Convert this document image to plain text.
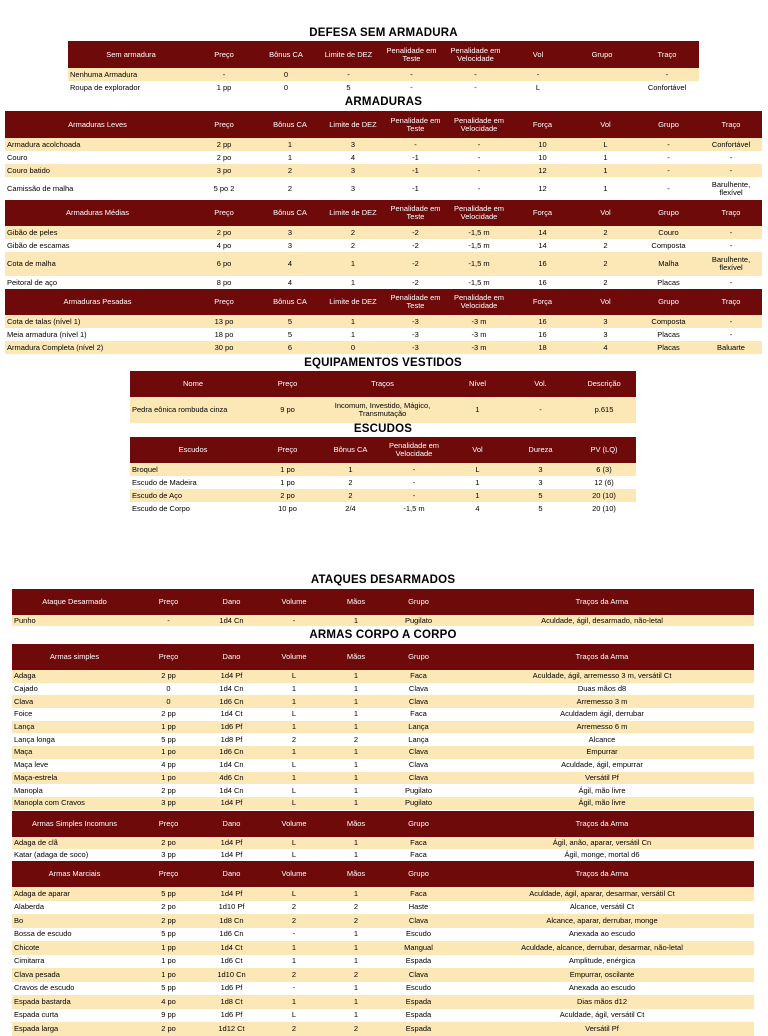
DEFESA SEM ARMADURA
Sem armadura	Preço	Bônus CA	Limite de DEZ	Penalidade em Teste	Penalidade em Velocidade	Vol	Grupo	Traço
Nenhuma Armadura	-	0	-	-	-	-		-
Roupa de explorador	1 pp	0	5	-	-	L		Confortável
ARMADURAS
Armaduras Leves	Preço	Bônus CA	Limite de DEZ	Penalidade em Teste	Penalidade em Velocidade	Força	Vol	Grupo	Traço
Armadura acolchoada	2 pp	1	3	-	-	10	L	-	Confortável
Couro	2 po	1	4	-1	-	10	1	-	-
Couro batido	3 po	2	3	-1	-	12	1	-	-
Camissão de malha	5 po 2	2	3	-1	-	12	1	-	Barulhente, flexível
Armaduras Médias	Preço	Bônus CA	Limite de DEZ	Penalidade em Teste	Penalidade em Velocidade	Força	Vol	Grupo	Traço
Gibão de peles	2 po	3	2	-2	-1,5 m	14	2	Couro	-
Gibão de escamas	4 po	3	2	-2	-1,5 m	14	2	Composta	-
Cota de malha	6 po	4	1	-2	-1,5 m	16	2	Malha	Barulhente, flexível
Peitoral de aço	8 po	4	1	-2	-1,5 m	16	2	Placas	-
Armaduras Pesadas	Preço	Bônus CA	Limite de DEZ	Penalidade em Teste	Penalidade em Velocidade	Força	Vol	Grupo	Traço
Cota de talas (nível 1)	13 po	5	1	-3	-3 m	16	3	Composta	-
Meia armadura (nível 1)	18 po	5	1	-3	-3 m	16	3	Placas	-
Armadura Completa (nível 2)	30 po	6	0	-3	-3 m	18	4	Placas	Baluarte
EQUIPAMENTOS VESTIDOS
Nome	Preço	Traços	Nível	Vol.	Descrição
Pedra eônica rombuda cinza	9 po	Incomum, Investido, Mágico, Transmutação	1	-	p.615
ESCUDOS
Escudos	Preço	Bônus CA	Penalidade em Velocidade	Vol	Dureza	PV (LQ)
Broquel	1 po	1	-	L	3	6 (3)
Escudo de Madeira	1 po	2	-	1	3	12 (6)
Escudo de Aço	2 po	2	-	1	5	20 (10)
Escudo de Corpo	10 po	2/4	-1,5 m	4	5	20 (10)
ATAQUES DESARMADOS
Ataque Desarmado	Preço	Dano	Volume	Mãos	Grupo	Traços da Arma
Punho	-	1d4 Cn	-	1	Pugilato	Aculdade, ágil, desarmado, não-letal
ARMAS CORPO A CORPO
Armas simples	Preço	Dano	Volume	Mãos	Grupo	Traços da Arma
Adaga	2 pp	1d4 Pf	L	1	Faca	Aculdade, ágil, arremesso 3 m, versátil Ct
Cajado	0	1d4 Cn	1	1	Clava	Duas mãos d8
Clava	0	1d6 Cn	1	1	Clava	Arremesso 3 m
Foice	2 pp	1d4 Ct	L	1	Faca	Aculdadem ágil, derrubar
Lança	1 pp	1d6 Pf	1	1	Lança	Arremesso 6 m
Lança longa	5 pp	1d8 Pf	2	2	Lança	Alcance
Maça	1 po	1d6 Cn	1	1	Clava	Empurrar
Maça leve	4 pp	1d4 Cn	L	1	Clava	Aculdade, ágil, empurrar
Maça-estrela	1 po	4d6 Cn	1	1	Clava	Versátil Pf
Manopla	2 pp	1d4 Cn	L	1	Pugilato	Ágil, mão livre
Manopla com Cravos	3 pp	1d4 Pf	L	1	Pugilato	Ágil, mão livre
Armas Simples Incomuns	Preço	Dano	Volume	Mãos	Grupo	Traços da Arma
Adaga de clã	2 po	1d4 Pf	L	1	Faca	Ágil, anão, aparar, versátil Cn
Katar (adaga de soco)	3 pp	1d4 Pf	L	1	Faca	Ágil, monge, mortal d6
Armas Marciais	Preço	Dano	Volume	Mãos	Grupo	Traços da Arma
Adaga de aparar	5 pp	1d4 Pf	L	1	Faca	Aculdade, ágil, aparar, desarmar, versátil Ct
Alaberda	2 po	1d10 Pf	2	2	Haste	Alcance, versátil Ct
Bo	2 pp	1d8 Cn	2	2	Clava	Alcance, aparar, derrubar, monge
Bossa de escudo	5 pp	1d6 Cn	-	1	Escudo	Anexada ao escudo
Chicote	1 pp	1d4 Ct	1	1	Mangual	Aculdade, alcance, derrubar, desarmar, não-letal
Cimitarra	1 po	1d6 Ct	1	1	Espada	Amplitude, enérgica
Clava pesada	1 po	1d10 Cn	2	2	Clava	Empurrar, oscilante
Cravos de escudo	5 pp	1d6 Pf	-	1	Escudo	Anexada ao escudo
Espada bastarda	4 po	1d8 Ct	1	1	Espada	Dias mãos d12
Espada curta	9 pp	1d6 Pf	L	1	Espada	Aculdade, ágil, versátil Ct
Espada larga	2 po	1d12 Ct	2	2	Espada	Versátil Pf
